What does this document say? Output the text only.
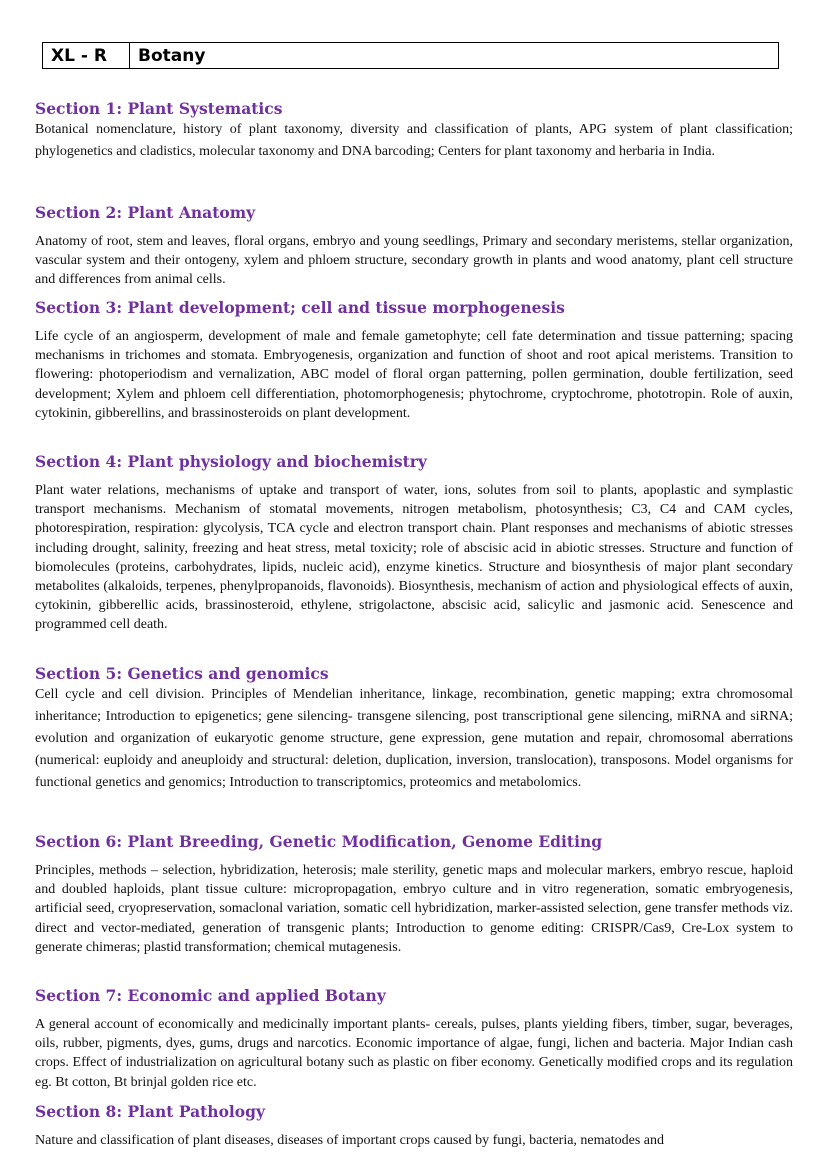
XL - R	Botany
Section 1: Plant Systematics

Botanical nomenclature, history of plant taxonomy, diversity and classification of plants, APG system of plant classification; phylogenetics and cladistics, molecular taxonomy and DNA barcoding; Centers for plant taxonomy and herbaria in India.

Section 2: Plant Anatomy

Anatomy of root, stem and leaves, floral organs, embryo and young seedlings, Primary and secondary meristems, stellar organization, vascular system and their ontogeny, xylem and phloem structure, secondary growth in plants and wood anatomy, plant cell structure and differences from animal cells.

Section 3: Plant development; cell and tissue morphogenesis

Life cycle of an angiosperm, development of male and female gametophyte; cell fate determination and tissue patterning; spacing mechanisms in trichomes and stomata. Embryogenesis, organization and function of shoot and root apical meristems. Transition to flowering: photoperiodism and vernalization, ABC model of floral organ patterning, pollen germination, double fertilization, seed development; Xylem and phloem cell differentiation, photomorphogenesis; phytochrome, cryptochrome, phototropin. Role of auxin, cytokinin, gibberellins, and brassinosteroids on plant development.

Section 4: Plant physiology and biochemistry

Plant water relations, mechanisms of uptake and transport of water, ions, solutes from soil to plants, apoplastic and symplastic transport mechanisms. Mechanism of stomatal movements, nitrogen metabolism, photosynthesis; C3, C4 and CAM cycles, photorespiration, respiration: glycolysis, TCA cycle and electron transport chain. Plant responses and mechanisms of abiotic stresses including drought, salinity, freezing and heat stress, metal toxicity; role of abscisic acid in abiotic stresses. Structure and function of biomolecules (proteins, carbohydrates, lipids, nucleic acid), enzyme kinetics. Structure and biosynthesis of major plant secondary metabolites (alkaloids, terpenes, phenylpropanoids, flavonoids). Biosynthesis, mechanism of action and physiological effects of auxin, cytokinin, gibberellic acids, brassinosteroid, ethylene, strigolactone, abscisic acid, salicylic and jasmonic acid. Senescence and programmed cell death.

Section 5: Genetics and genomics

Cell cycle and cell division. Principles of Mendelian inheritance, linkage, recombination, genetic mapping; extra chromosomal inheritance; Introduction to epigenetics; gene silencing- transgene silencing, post transcriptional gene silencing, miRNA and siRNA; evolution and organization of eukaryotic genome structure, gene expression, gene mutation and repair, chromosomal aberrations (numerical: euploidy and aneuploidy and structural: deletion, duplication, inversion, translocation), transposons. Model organisms for functional genetics and genomics; Introduction to transcriptomics, proteomics and metabolomics.

Section 6: Plant Breeding, Genetic Modification, Genome Editing

Principles, methods – selection, hybridization, heterosis; male sterility, genetic maps and molecular markers, embryo rescue, haploid and doubled haploids, plant tissue culture: micropropagation, embryo culture and in vitro regeneration, somatic embryogenesis, artificial seed, cryopreservation, somaclonal variation, somatic cell hybridization, marker-assisted selection, gene transfer methods viz. direct and vector-mediated, generation of transgenic plants; Introduction to genome editing: CRISPR/Cas9, Cre-Lox system to generate chimeras; plastid transformation; chemical mutagenesis.

Section 7: Economic and applied Botany

A general account of economically and medicinally important plants- cereals, pulses, plants yielding fibers, timber, sugar, beverages, oils, rubber, pigments, dyes, gums, drugs and narcotics. Economic importance of algae, fungi, lichen and bacteria. Major Indian cash crops. Effect of industrialization on agricultural botany such as plastic on fiber economy. Genetically modified crops and its regulation eg. Bt cotton, Bt brinjal golden rice etc.

Section 8: Plant Pathology

Nature and classification of plant diseases, diseases of important crops caused by fungi, bacteria, nematodes and
